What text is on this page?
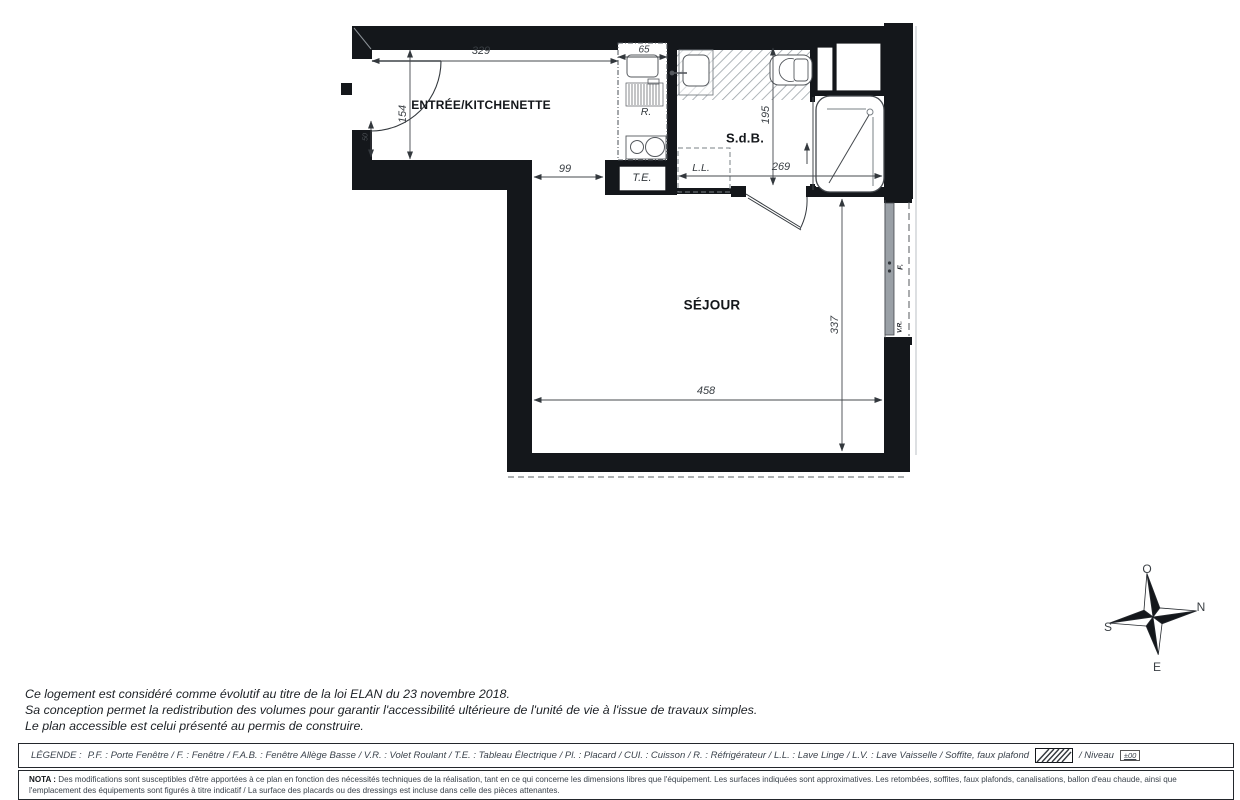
ENTRÉE/KITCHENETTE
S.d.B.
SÉJOUR
T.E.
L.L.
R.
F.
V.R.
329	65
154
50
99
195
269
337
458
O
N
S
E
Ce logement est considéré comme évolutif au titre de la loi ELAN du 23 novembre 2018.
Sa conception permet la redistribution des volumes pour garantir l'accessibilité ultérieure de l'unité de vie à l'issue de travaux simples.
Le plan accessible est celui présenté au permis de construire.
LÉGENDE : P.F. : Porte Fenêtre / F. : Fenêtre / F.A.B. : Fenêtre Allège Basse / V.R. : Volet Roulant / T.E. : Tableau Électrique / Pl. : Placard / CUI. : Cuisson / R. : Réfrigérateur / L.L. : Lave Linge / L.V. : Lave Vaisselle / Soffite, faux plafond	/ Niveau	±00
NOTA : Des modifications sont susceptibles d'être apportées à ce plan en fonction des nécessités techniques de la réalisation, tant en ce qui concerne les dimensions libres que l'équipement. Les surfaces indiquées sont approximatives. Les retombées, soffites, faux plafonds, canalisations, ballon d'eau chaude, ainsi que l'emplacement des équipements sont figurés à titre indicatif / La surface des placards ou des dressings est incluse dans celle des pièces attenantes.
